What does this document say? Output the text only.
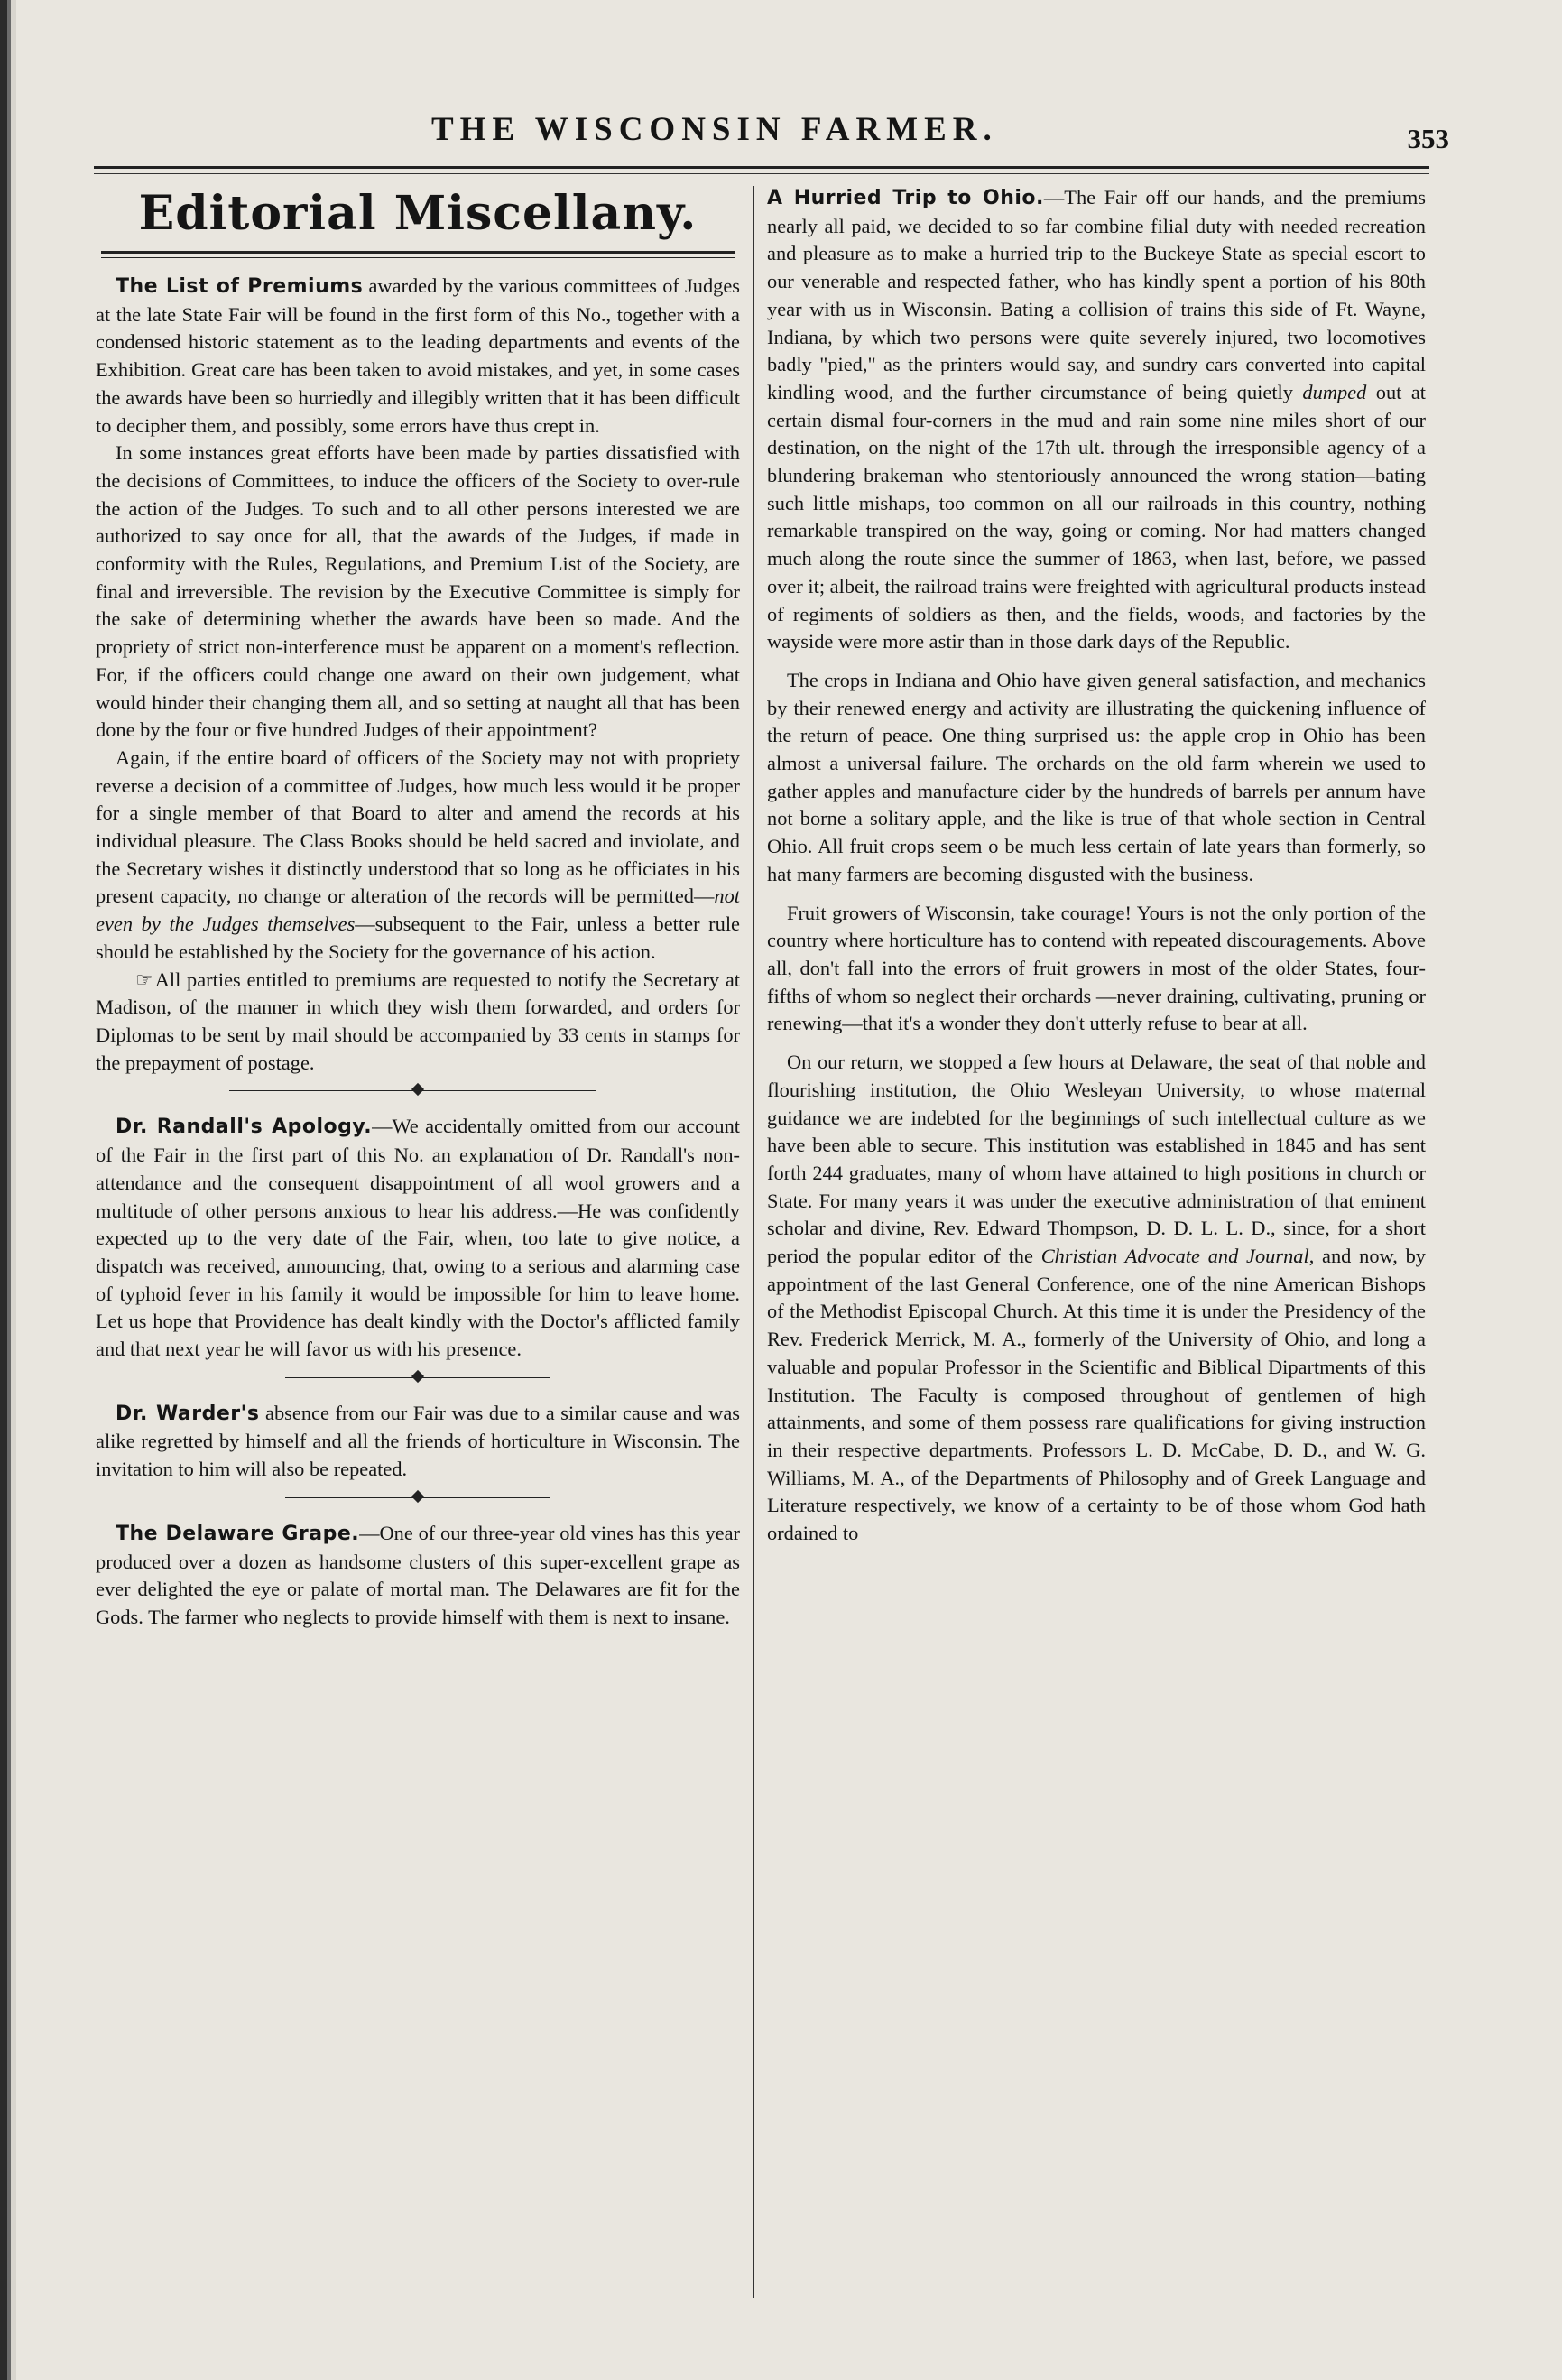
THE WISCONSIN FARMER.	353
Editorial Miscellany.

The List of Premiums awarded by the various committees of Judges at the late State Fair will be found in the first form of this No., together with a condensed historic statement as to the leading departments and events of the Exhibition. Great care has been taken to avoid mistakes, and yet, in some cases the awards have been so hurriedly and illegibly written that it has been difficult to decipher them, and possibly, some errors have thus crept in.

In some instances great efforts have been made by parties dissatisfied with the decisions of Committees, to induce the officers of the Society to over-rule the action of the Judges. To such and to all other persons interested we are authorized to say once for all, that the awards of the Judges, if made in conformity with the Rules, Regulations, and Premium List of the Society, are final and irreversible. The revision by the Executive Committee is simply for the sake of determining whether the awards have been so made. And the propriety of strict non-interference must be apparent on a moment's reflection. For, if the officers could change one award on their own judgement, what would hinder their changing them all, and so setting at naught all that has been done by the four or five hundred Judges of their appointment?

Again, if the entire board of officers of the Society may not with propriety reverse a decision of a committee of Judges, how much less would it be proper for a single member of that Board to alter and amend the records at his individual pleasure. The Class Books should be held sacred and inviolate, and the Secretary wishes it distinctly understood that so long as he officiates in his present capacity, no change or alteration of the records will be permitted—not even by the Judges themselves—subsequent to the Fair, unless a better rule should be established by the Society for the governance of his action.

☞All parties entitled to premiums are requested to notify the Secretary at Madison, of the manner in which they wish them forwarded, and orders for Diplomas to be sent by mail should be accompanied by 33 cents in stamps for the prepayment of postage.

Dr. Randall's Apology.—We accidentally omitted from our account of the Fair in the first part of this No. an explanation of Dr. Randall's non-attendance and the consequent disappointment of all wool growers and a multitude of other persons anxious to hear his address.—He was confidently expected up to the very date of the Fair, when, too late to give notice, a dispatch was received, announcing, that, owing to a serious and alarming case of typhoid fever in his family it would be impossible for him to leave home. Let us hope that Providence has dealt kindly with the Doctor's afflicted family and that next year he will favor us with his presence.

Dr. Warder's absence from our Fair was due to a similar cause and was alike regretted by himself and all the friends of horticulture in Wisconsin. The invitation to him will also be repeated.

The Delaware Grape.—One of our three-year old vines has this year produced over a dozen as handsome clusters of this super-excellent grape as ever delighted the eye or palate of mortal man. The Delawares are fit for the Gods. The farmer who neglects to provide himself with them is next to insane.

A Hurried Trip to Ohio.—The Fair off our hands, and the premiums nearly all paid, we decided to so far combine filial duty with needed recreation and pleasure as to make a hurried trip to the Buckeye State as special escort to our venerable and respected father, who has kindly spent a portion of his 80th year with us in Wisconsin. Bating a collision of trains this side of Ft. Wayne, Indiana, by which two persons were quite severely injured, two locomotives badly "pied," as the printers would say, and sundry cars converted into capital kindling wood, and the further circumstance of being quietly dumped out at certain dismal four-corners in the mud and rain some nine miles short of our destination, on the night of the 17th ult. through the irresponsible agency of a blundering brakeman who stentoriously announced the wrong station—bating such little mishaps, too common on all our railroads in this country, nothing remarkable transpired on the way, going or coming. Nor had matters changed much along the route since the summer of 1863, when last, before, we passed over it; albeit, the railroad trains were freighted with agricultural products instead of regiments of soldiers as then, and the fields, woods, and factories by the wayside were more astir than in those dark days of the Republic.

The crops in Indiana and Ohio have given general satisfaction, and mechanics by their renewed energy and activity are illustrating the quickening influence of the return of peace. One thing surprised us: the apple crop in Ohio has been almost a universal failure. The orchards on the old farm wherein we used to gather apples and manufacture cider by the hundreds of barrels per annum have not borne a solitary apple, and the like is true of that whole section in Central Ohio. All fruit crops seem o be much less certain of late years than formerly, so hat many farmers are becoming disgusted with the business.

Fruit growers of Wisconsin, take courage! Yours is not the only portion of the country where horticulture has to contend with repeated discouragements. Above all, don't fall into the errors of fruit growers in most of the older States, four-fifths of whom so neglect their orchards —never draining, cultivating, pruning or renewing—that it's a wonder they don't utterly refuse to bear at all.

On our return, we stopped a few hours at Delaware, the seat of that noble and flourishing institution, the Ohio Wesleyan University, to whose maternal guidance we are indebted for the beginnings of such intellectual culture as we have been able to secure. This institution was established in 1845 and has sent forth 244 graduates, many of whom have attained to high positions in church or State. For many years it was under the executive administration of that eminent scholar and divine, Rev. Edward Thompson, D. D. L. L. D., since, for a short period the popular editor of the Christian Advocate and Journal, and now, by appointment of the last General Conference, one of the nine American Bishops of the Methodist Episcopal Church. At this time it is under the Presidency of the Rev. Frederick Merrick, M. A., formerly of the University of Ohio, and long a valuable and popular Professor in the Scientific and Biblical Dipartments of this Institution. The Faculty is composed throughout of gentlemen of high attainments, and some of them possess rare qualifications for giving instruction in their respective departments. Professors L. D. McCabe, D. D., and W. G. Williams, M. A., of the Departments of Philosophy and of Greek Language and Literature respectively, we know of a certainty to be of those whom God hath ordained to
